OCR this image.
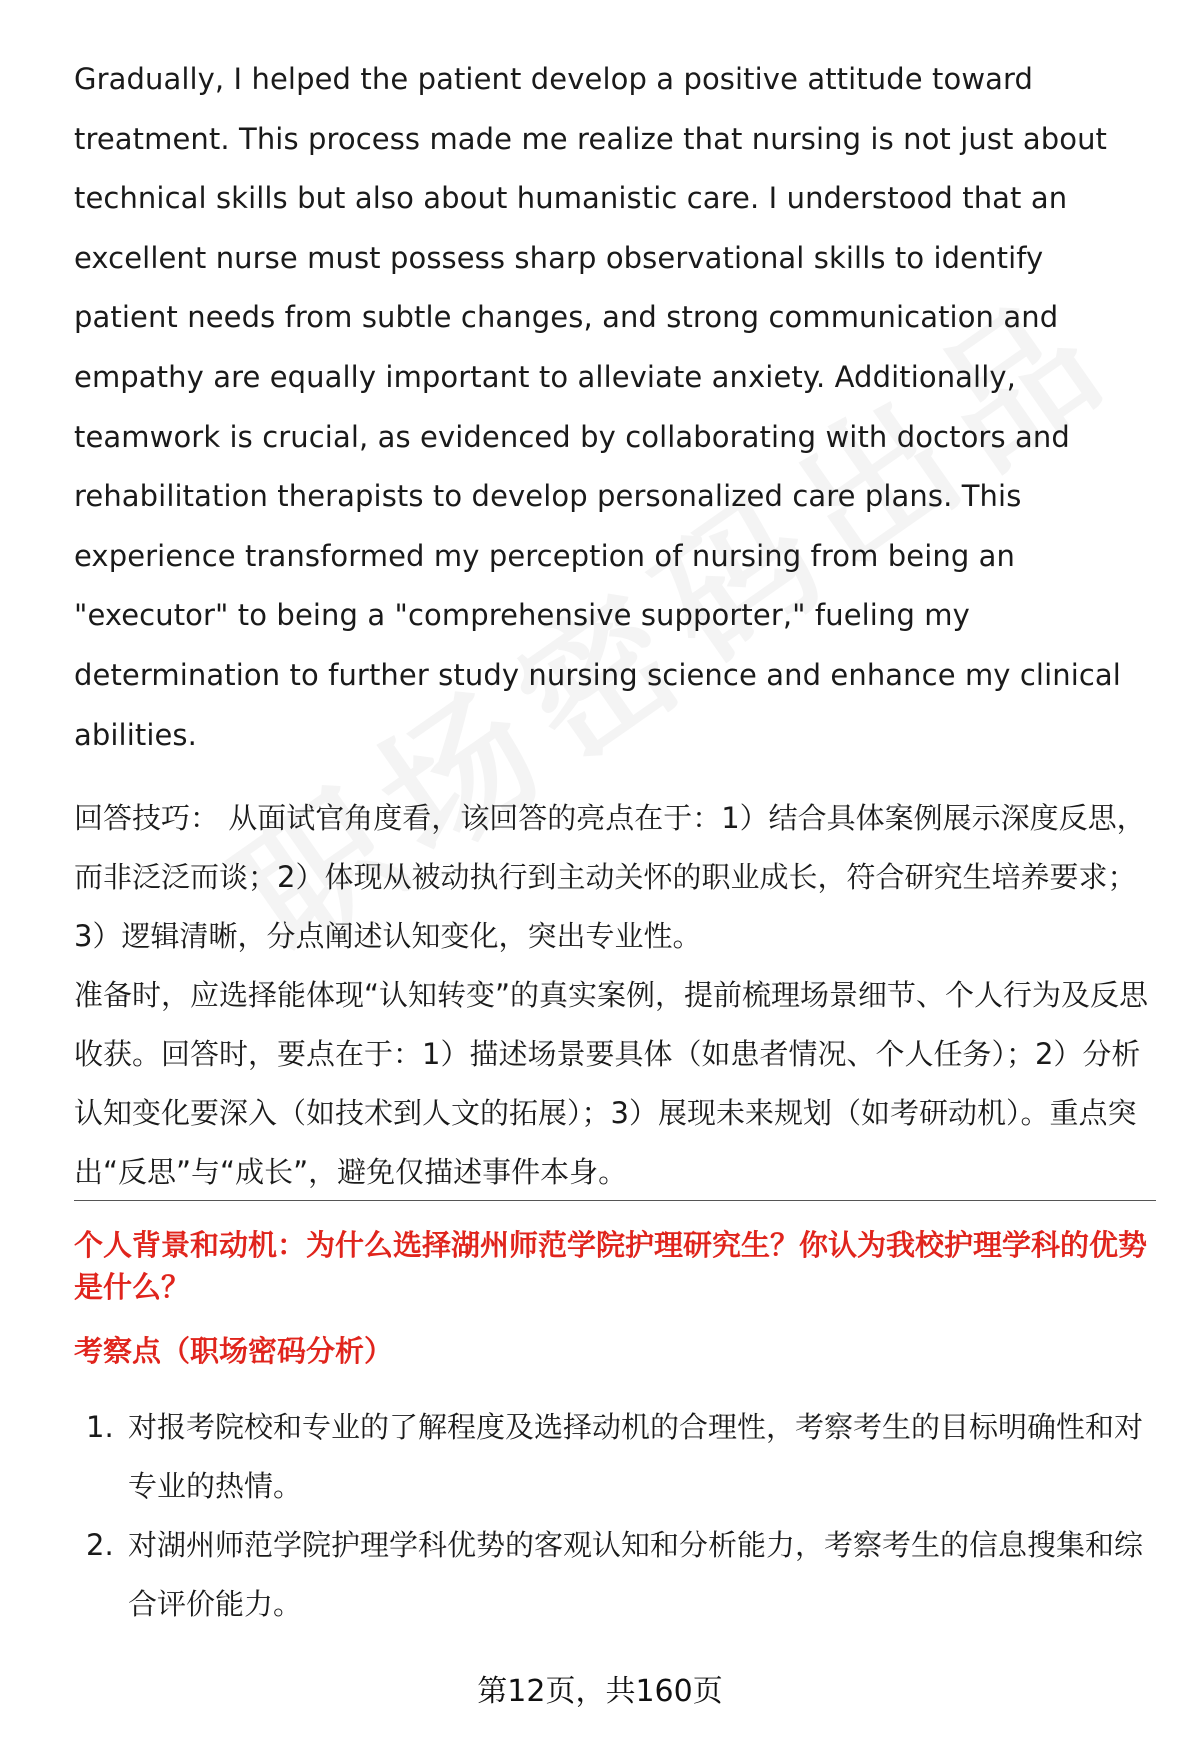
Gradually, I helped the patient develop a positive attitude toward treatment. This process made me realize that nursing is not just about technical skills but also about humanistic care. I understood that an excellent nurse must possess sharp observational skills to identify patient needs from subtle changes, and strong communication and empathy are equally important to alleviate anxiety. Additionally, teamwork is crucial, as evidenced by collaborating with doctors and rehabilitation therapists to develop personalized care plans. This experience transformed my perception of nursing from being an "executor" to being a "comprehensive supporter," fueling my determination to further study nursing science and enhance my clinical abilities.

回答技巧： 从面试官角度看，该回答的亮点在于：1）结合具体案例展示深度反思，而非泛泛而谈；2）体现从被动执行到主动关怀的职业成长，符合研究生培养要求；3）逻辑清晰，分点阐述认知变化，突出专业性。

准备时，应选择能体现“认知转变”的真实案例，提前梳理场景细节、个人行为及反思收获。回答时，要点在于：1）描述场景要具体（如患者情况、个人任务）；2）分析认知变化要深入（如技术到人文的拓展）；3）展现未来规划（如考研动机）。重点突出“反思”与“成长”，避免仅描述事件本身。

个人背景和动机：为什么选择湖州师范学院护理研究生？你认为我校护理学科的优势是什么？

考察点（职场密码分析）

1. 对报考院校和专业的了解程度及选择动机的合理性，考察考生的目标明确性和对专业的热情。
2. 对湖州师范学院护理学科优势的客观认知和分析能力，考察考生的信息搜集和综合评价能力。
第12页，共160页
